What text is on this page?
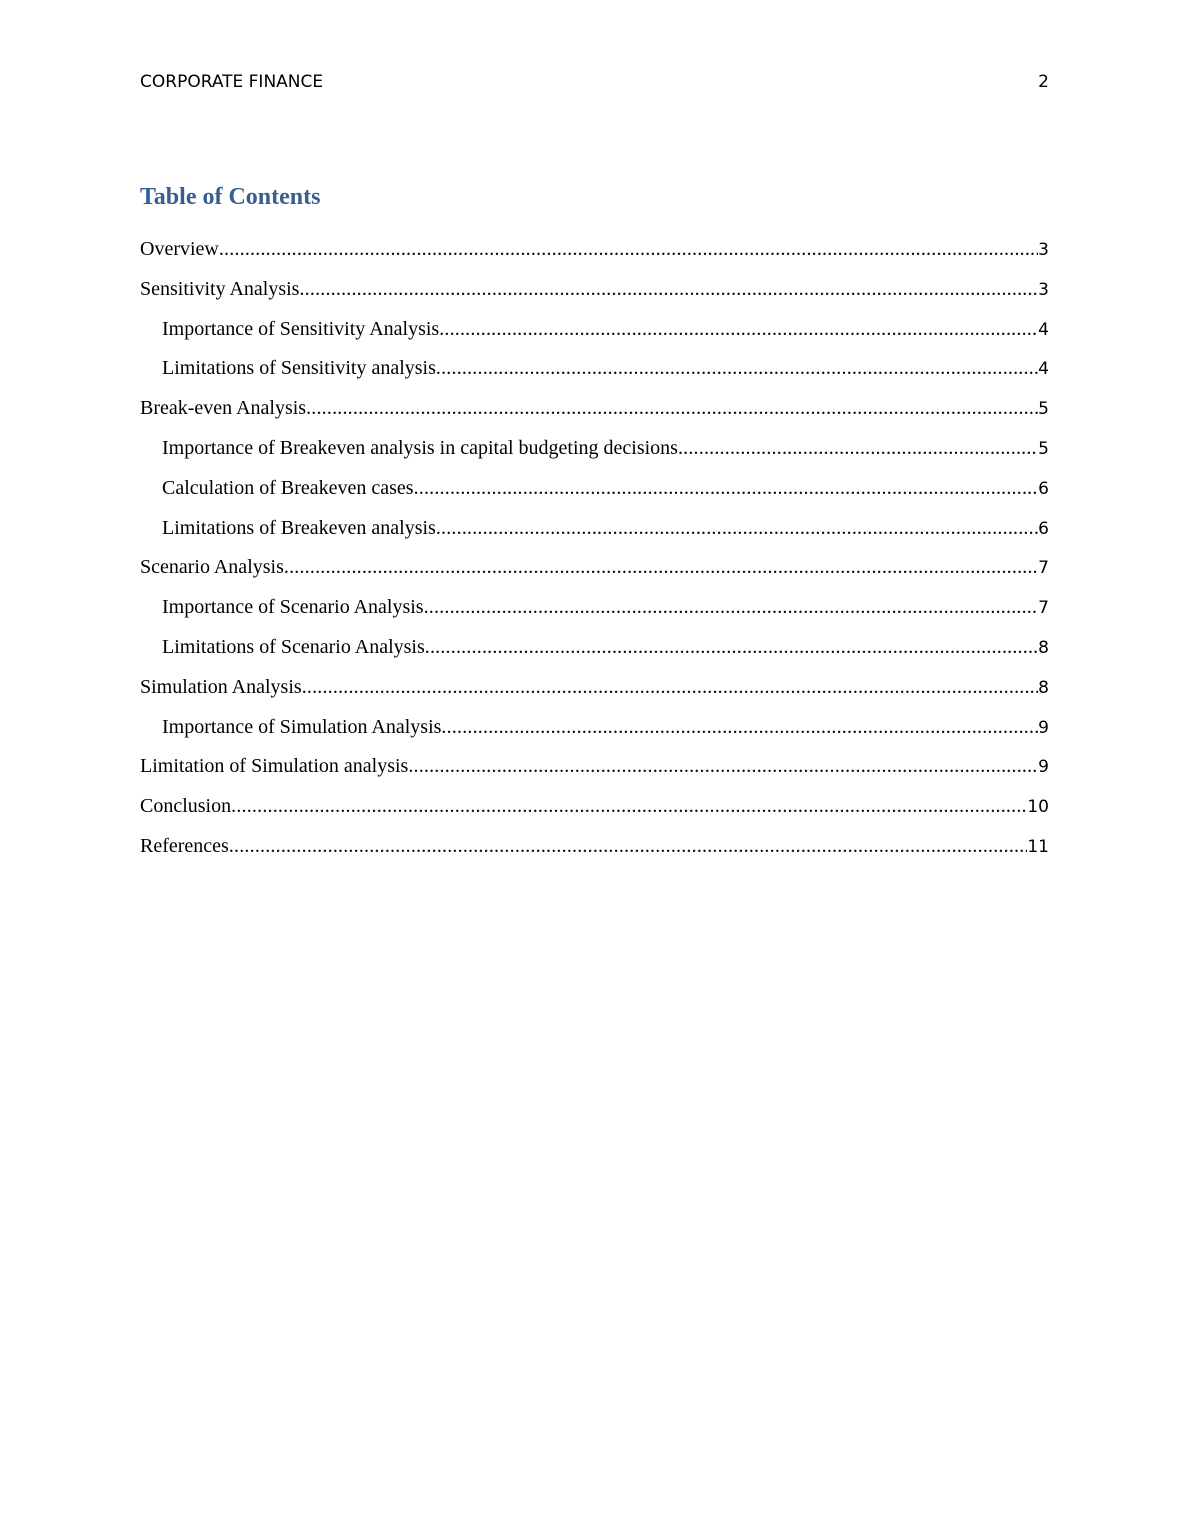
CORPORATE FINANCE	2
Table of Contents
Overview .....	3
Sensitivity Analysis .....	3
Importance of Sensitivity Analysis .....	4
Limitations of Sensitivity analysis .....	4
Break-even Analysis .....	5
Importance of Breakeven analysis in capital budgeting decisions .....	5
Calculation of Breakeven cases .....	6
Limitations of Breakeven analysis .....	6
Scenario Analysis .....	7
Importance of Scenario Analysis .....	7
Limitations of Scenario Analysis .....	8
Simulation Analysis .....	8
Importance of Simulation Analysis .....	9
Limitation of Simulation analysis .....	9
Conclusion .....	10
References .....	11
